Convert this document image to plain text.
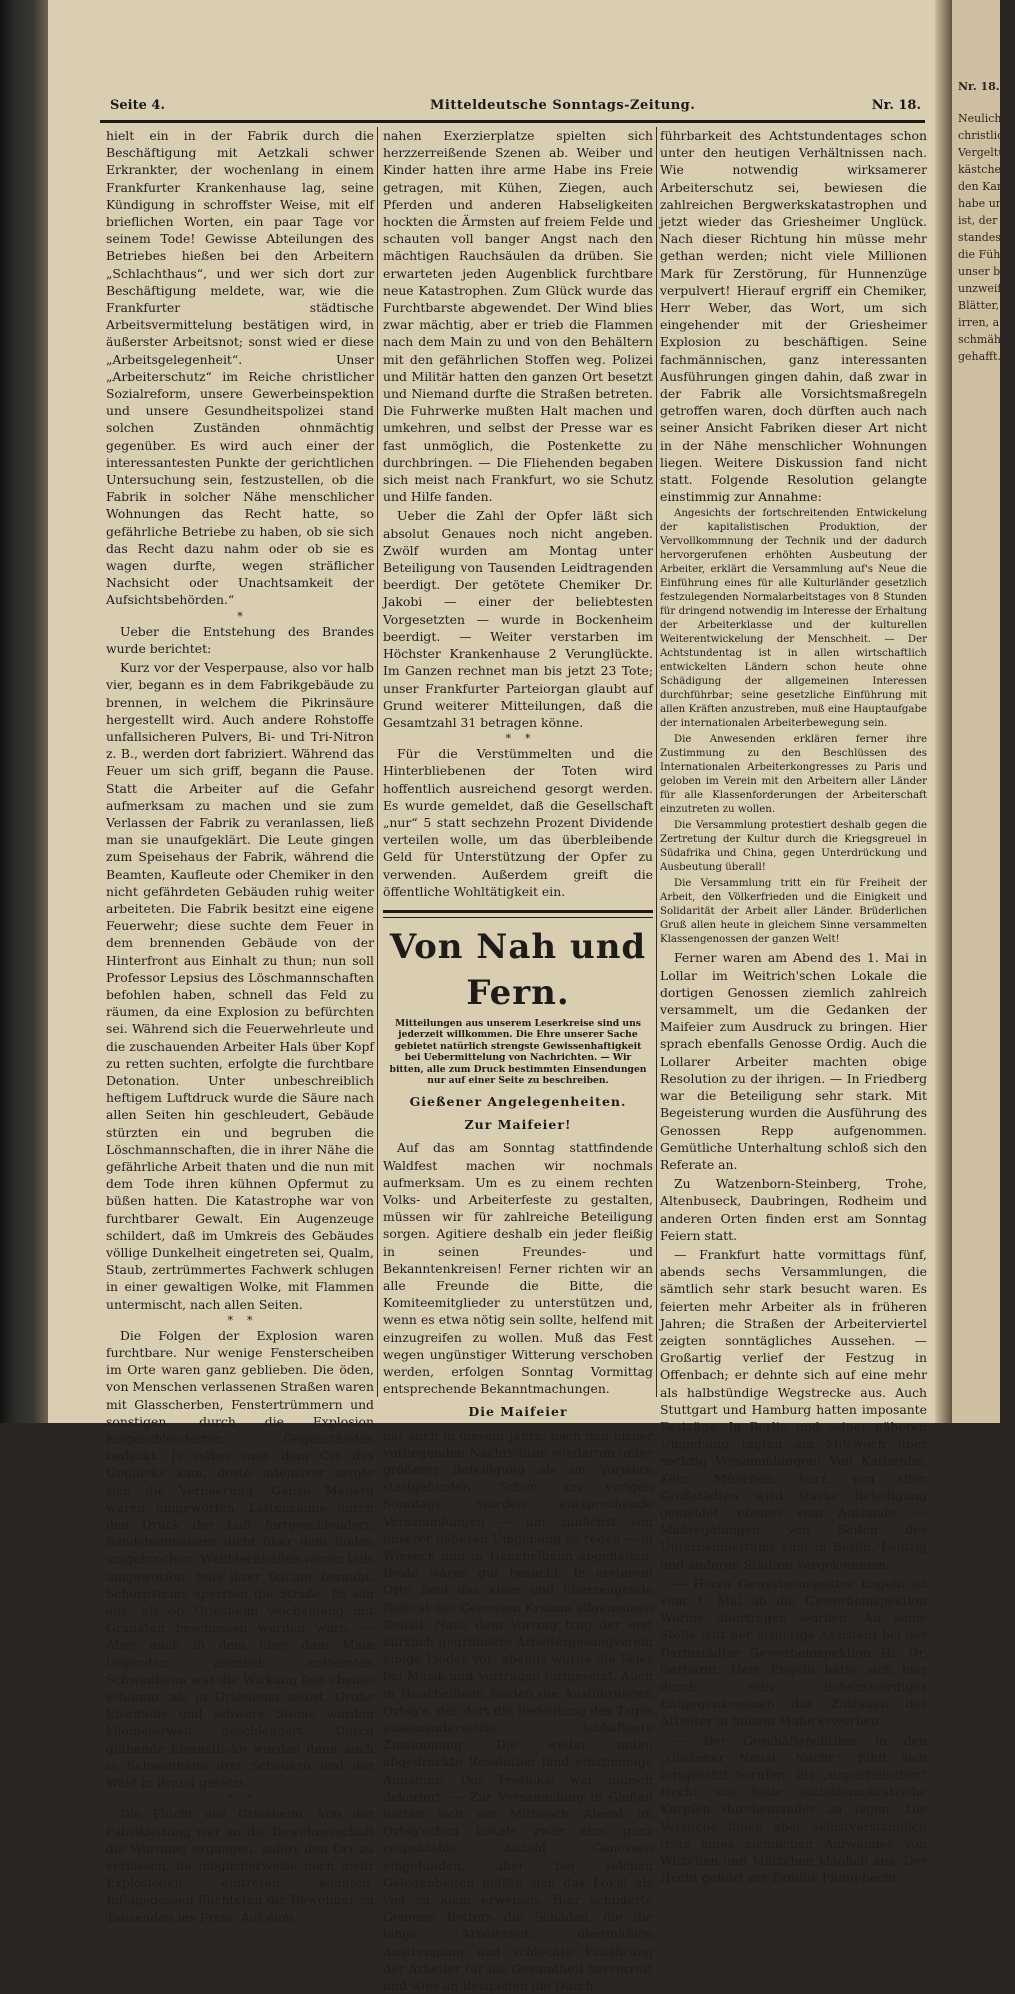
Nr. 18.
Neulich m
christlich
Vergeltun
kästchen
den Kamp
habe und
ist, der
standes-
die Führ
unser be
unzweifel
Blätter,
irren, a
schmählic
gehafft.
Seite 4.	Mitteldeutsche Sonntags-Zeitung.	Nr. 18.

hielt ein in der Fabrik durch die Beschäftigung mit Aetzkali schwer Erkrankter, der wochenlang in einem Frankfurter Krankenhause lag, seine Kündigung in schroffster Weise, mit elf brieflichen Worten, ein paar Tage vor seinem Tode! Gewisse Abteilungen des Betriebes hießen bei den Arbeitern „Schlachthaus“, und wer sich dort zur Beschäftigung meldete, war, wie die Frankfurter städtische Arbeitsvermittelung bestätigen wird, in äußerster Arbeitsnot; sonst wied er diese „Arbeitsgelegenheit“. Unser „Arbeiterschutz“ im Reiche christlicher Sozialreform, unsere Gewerbeinspektion und unsere Gesundheitspolizei stand solchen Zuständen ohnmächtig gegenüber. Es wird auch einer der interessantesten Punkte der gerichtlichen Untersuchung sein, festzustellen, ob die Fabrik in solcher Nähe menschlicher Wohnungen das Recht hatte, so gefährliche Betriebe zu haben, ob sie sich das Recht dazu nahm oder ob sie es wagen durfte, wegen sträflicher Nachsicht oder Unachtsamkeit der Aufsichtsbehörden.“

*

Ueber die Entstehung des Brandes wurde berichtet:

Kurz vor der Vesperpause, also vor halb vier, begann es in dem Fabrikgebäude zu brennen, in welchem die Pikrinsäure hergestellt wird. Auch andere Rohstoffe unfallsicheren Pulvers, Bi- und Tri-Nitron z. B., werden dort fabriziert. Während das Feuer um sich griff, begann die Pause. Statt die Arbeiter auf die Gefahr aufmerksam zu machen und sie zum Verlassen der Fabrik zu veranlassen, ließ man sie unaufgeklärt. Die Leute gingen zum Speisehaus der Fabrik, während die Beamten, Kaufleute oder Chemiker in den nicht gefährdeten Gebäuden ruhig weiter arbeiteten. Die Fabrik besitzt eine eigene Feuerwehr; diese suchte dem Feuer in dem brennenden Gebäude von der Hinterfront aus Einhalt zu thun; nun soll Professor Lepsius des Löschmannschaften befohlen haben, schnell das Feld zu räumen, da eine Explosion zu befürchten sei. Während sich die Feuerwehrleute und die zuschauenden Arbeiter Hals über Kopf zu retten suchten, erfolgte die furchtbare Detonation. Unter unbeschreiblich heftigem Luftdruck wurde die Säure nach allen Seiten hin geschleudert, Gebäude stürzten ein und begruben die Löschmannschaften, die in ihrer Nähe die gefährliche Arbeit thaten und die nun mit dem Tode ihren kühnen Opfermut zu büßen hatten. Die Katastrophe war von furchtbarer Gewalt. Ein Augenzeuge schildert, daß im Umkreis des Gebäudes völlige Dunkelheit eingetreten sei, Qualm, Staub, zertrümmertes Fachwerk schlugen in einer gewaltigen Wolke, mit Flammen untermischt, nach allen Seiten.

*    *

Die Folgen der Explosion waren furchtbare. Nur wenige Fensterscheiben im Orte waren ganz geblieben. Die öden, von Menschen verlassenen Straßen waren mit Glasscherben, Fenstertrümmern und sonstigen, durch die Explosion hingeschleuderten Gegenständen bedeckt. Je näher man dem Ort des Unglücks kam, desto intensiver zeigte sich die Verheerung. Ganze Mauern waren umgeworfen, Lattenzäune durch den Druck der Luft fortgeschleudert, Sandsteinmauern dicht über dem Boden umgebrochen, Wellblechhallen waren teils umgeworfen, teils ihrer Dächer beraubt. Schornsteine sperrten die Straße. Es sah aus, als ob Griesheim wochenlang mit Granaten beschossen worden wäre. — Aber auch in dem über dem Main liegenden, ziemlich entfernten Schwanheim war die Wirkung fast ebenso schlimm, als in Griesheim selbst. Große Eisenteile und schwere Steine wurden kilometerweit geschleudert. Durch glühende Eisenstücke wurden denn auch in Schwanheim drei Scheuern und der Wald in Brand gesetzt.

*    *

Die Flucht aus Griesheim. Von der Fabrikleitung war an die Bewohnerschaft die Warnung ergangen, sofort den Ort zu verlassen, da möglicherweise noch mehr Explosionen eintreten könnten. Infolgedessen flüchteten die Bewohner zu Tausenden ins Freie. Auf dem

nahen Exerzierplatze spielten sich herzzerreißende Szenen ab. Weiber und Kinder hatten ihre arme Habe ins Freie getragen, mit Kühen, Ziegen, auch Pferden und anderen Habseligkeiten hockten die Ärmsten auf freiem Felde und schauten voll banger Angst nach den mächtigen Rauchsäulen da drüben. Sie erwarteten jeden Augenblick furchtbare neue Katastrophen. Zum Glück wurde das Furchtbarste abgewendet. Der Wind blies zwar mächtig, aber er trieb die Flammen nach dem Main zu und von den Behältern mit den gefährlichen Stoffen weg. Polizei und Militär hatten den ganzen Ort besetzt und Niemand durfte die Straßen betreten. Die Fuhrwerke mußten Halt machen und umkehren, und selbst der Presse war es fast unmöglich, die Postenkette zu durchbringen. — Die Fliehenden begaben sich meist nach Frankfurt, wo sie Schutz und Hilfe fanden.

Ueber die Zahl der Opfer läßt sich absolut Genaues noch nicht angeben. Zwölf wurden am Montag unter Beteiligung von Tausenden Leidtragenden beerdigt. Der getötete Chemiker Dr. Jakobi — einer der beliebtesten Vorgesetzten — wurde in Bockenheim beerdigt. — Weiter verstarben im Höchster Krankenhause 2 Verunglückte. Im Ganzen rechnet man bis jetzt 23 Tote; unser Frankfurter Parteiorgan glaubt auf Grund weiterer Mitteilungen, daß die Gesamtzahl 31 betragen könne.

*    *

Für die Verstümmelten und die Hinterbliebenen der Toten wird hoffentlich ausreichend gesorgt werden. Es wurde gemeldet, daß die Gesellschaft „nur“ 5 statt sechzehn Prozent Dividende verteilen wolle, um das überbleibende Geld für Unterstützung der Opfer zu verwenden. Außerdem greift die öffentliche Wohltätigkeit ein.

Von Nah und Fern.
Mitteilungen aus unserem Leserkreise sind uns jederzeit willkommen. Die Ehre unserer Sache gebietet natürlich strengste Gewissenhaftigkeit bei Uebermittelung von Nachrichten. — Wir bitten, alle zum Druck bestimmten Einsendungen nur auf einer Seite zu beschreiben.
Gießener Angelegenheiten.
Zur Maifeier!

Auf das am Sonntag stattfindende Waldfest machen wir nochmals aufmerksam. Um es zu einem rechten Volks- und Arbeiterfeste zu gestalten, müssen wir für zahlreiche Beteiligung sorgen. Agitiere deshalb ein jeder fleißig in seinen Freundes- und Bekanntenkreisen! Ferner richten wir an alle Freunde die Bitte, die Komiteemitglieder zu unterstützen und, wenn es etwa nötig sein sollte, helfend mit einzugreifen zu wollen. Muß das Fest wegen ungünstiger Witterung verschoben werden, erfolgen Sonntag Vormittag entsprechende Bekanntmachungen.

Die Maifeier

hat auch in diesem Jahre, nach den bisher vorliegenden Nachrichten wiederum unter größerer Beteiligung als im Vorjahre stattgefunden. Schon am vorigen Sonntage wurden entsprechende Versammlungen — um zunächst von unserer näheren Umgebung zu reden — in Wieseck und in Heuchelheim abgehalten. Beide waren gut besucht. In ersterem Orte fand das klare und überzeugende Referat des Genossen Krumm allgemeinen Beifall. Nach dem Vortrag trug der erst kürzlich gegründete Arbeitergesangverein einige Lieder vor; abends wurde die Feier bei Musik und Vorträgen fortgesetzt. Auch in Heuchelheim fanden die Ausführungen Orbig's, der dort die Bedeutung des Tages auseinandersetzte, lebhafteste Zustimmung. Die weiter unten abgedruckte Resolution fand einstimmige Annahme. Das Festlokal war hübsch dekoriert. — Zur Versammlung in Gießen hatten sich am Mittwoch Abend im Orbig'schen Lokale zwar eine ganz respektable Anzahl Genossen eingefunden, aber bei solchen Gelegenheiten müßte sich das Lokal als viel zu klein erweisen. Hier schilderte Genosse Betters die Schäden, die die lange Arbeitszeit, übermäßige Anstrengung und schlechte Ernährung der Arbeiter für die Gesamtheit hervorruft und wies an Beispielen die Durch-

führbarkeit des Achtstundentages schon unter den heutigen Verhältnissen nach. Wie notwendig wirksamerer Arbeiterschutz sei, bewiesen die zahlreichen Bergwerkskatastrophen und jetzt wieder das Griesheimer Unglück. Nach dieser Richtung hin müsse mehr gethan werden; nicht viele Millionen Mark für Zerstörung, für Hunnenzüge verpulvert! Hierauf ergriff ein Chemiker, Herr Weber, das Wort, um sich eingehender mit der Griesheimer Explosion zu beschäftigen. Seine fachmännischen, ganz interessanten Ausführungen gingen dahin, daß zwar in der Fabrik alle Vorsichtsmaßregeln getroffen waren, doch dürften auch nach seiner Ansicht Fabriken dieser Art nicht in der Nähe menschlicher Wohnungen liegen. Weitere Diskussion fand nicht statt. Folgende Resolution gelangte einstimmig zur Annahme:

Angesichts der fortschreitenden Entwickelung der kapitalistischen Produktion, der Vervollkommnung der Technik und der dadurch hervorgerufenen erhöhten Ausbeutung der Arbeiter, erklärt die Versammlung auf's Neue die Einführung eines für alle Kulturländer gesetzlich festzulegenden Normalarbeitstages von 8 Stunden für dringend notwendig im Interesse der Erhaltung der Arbeiterklasse und der kulturellen Weiterentwickelung der Menschheit. — Der Achtstundentag ist in allen wirtschaftlich entwickelten Ländern schon heute ohne Schädigung der allgemeinen Interessen durchführbar; seine gesetzliche Einführung mit allen Kräften anzustreben, muß eine Hauptaufgabe der internationalen Arbeiterbewegung sein.

Die Anwesenden erklären ferner ihre Zustimmung zu den Beschlüssen des Internationalen Arbeiterkongresses zu Paris und geloben im Verein mit den Arbeitern aller Länder für alle Klassenforderungen der Arbeiterschaft einzutreten zu wollen.

Die Versammlung protestiert deshalb gegen die Zertretung der Kultur durch die Kriegsgreuel in Südafrika und China, gegen Unterdrückung und Ausbeutung überall!

Die Versammlung tritt ein für Freiheit der Arbeit, den Völkerfrieden und die Einigkeit und Solidarität der Arbeit aller Länder. Brüderlichen Gruß allen heute in gleichem Sinne versammelten Klassengenossen der ganzen Welt!

Ferner waren am Abend des 1. Mai in Lollar im Weitrich'schen Lokale die dortigen Genossen ziemlich zahlreich versammelt, um die Gedanken der Maifeier zum Ausdruck zu bringen. Hier sprach ebenfalls Genosse Ordig. Auch die Lollarer Arbeiter machten obige Resolution zu der ihrigen. — In Friedberg war die Beteiligung sehr stark. Mit Begeisterung wurden die Ausführung des Genossen Repp aufgenommen. Gemütliche Unterhaltung schloß sich den Referate an.

Zu Watzenborn-Steinberg, Trohe, Altenbuseck, Daubringen, Rodheim und anderen Orten finden erst am Sonntag Feiern statt.

— Frankfurt hatte vormittags fünf, abends sechs Versammlungen, die sämtlich sehr stark besucht waren. Es feierten mehr Arbeiter als in früheren Jahren; die Straßen der Arbeiterviertel zeigten sonntägliches Aussehen. — Großartig verlief der Festzug in Offenbach; er dehnte sich auf eine mehr als halbstündige Wegstrecke aus. Auch Stuttgart und Hamburg hatten imposante Festzüge. In Berlin und seiner näheren Umgebung tagten am Mittwoch über sechzig Versammlungen! Von Karlsruhe, Köln, München, kurz, von allen Großstädten wird starke Beteiligung gemeldet, ebenso vom Auslande. — Maßregelungen von Seiten des Unternehmertums sind in Berlin, Leipzig und anderen Städten vorgekommen.

— Herrn Gewerbeinspektor Engeln ist vom 1. Mai ab die Gewerbeinspektion Worms übertragen worden. An seine Stelle tritt der bisherige Assistent bei der Darmstädter Gewerbeinspektion Hr. Dr. Gerhardt. Herr Engeln hatte sich hier durch sein liebenswürdiges Entgegenkommen das Zutrauen der Arbeiter in hohem Maße erworben.

— Der Geschäftspolitiker in den „Gießener Neust. Nachr.“ fühlt sich fortgesetzt berufen, als „unparteiischer“ Hecht uns faule sozialdemokratische Karpfen durcheinander zu jagen. Die Versuche fallen aber selbstverständlich trotz eines ziemlichen Aufwandes von Witzchen und Mätzchen kläglich aus. Der Hecht gehört zur Familie Plumphecht
